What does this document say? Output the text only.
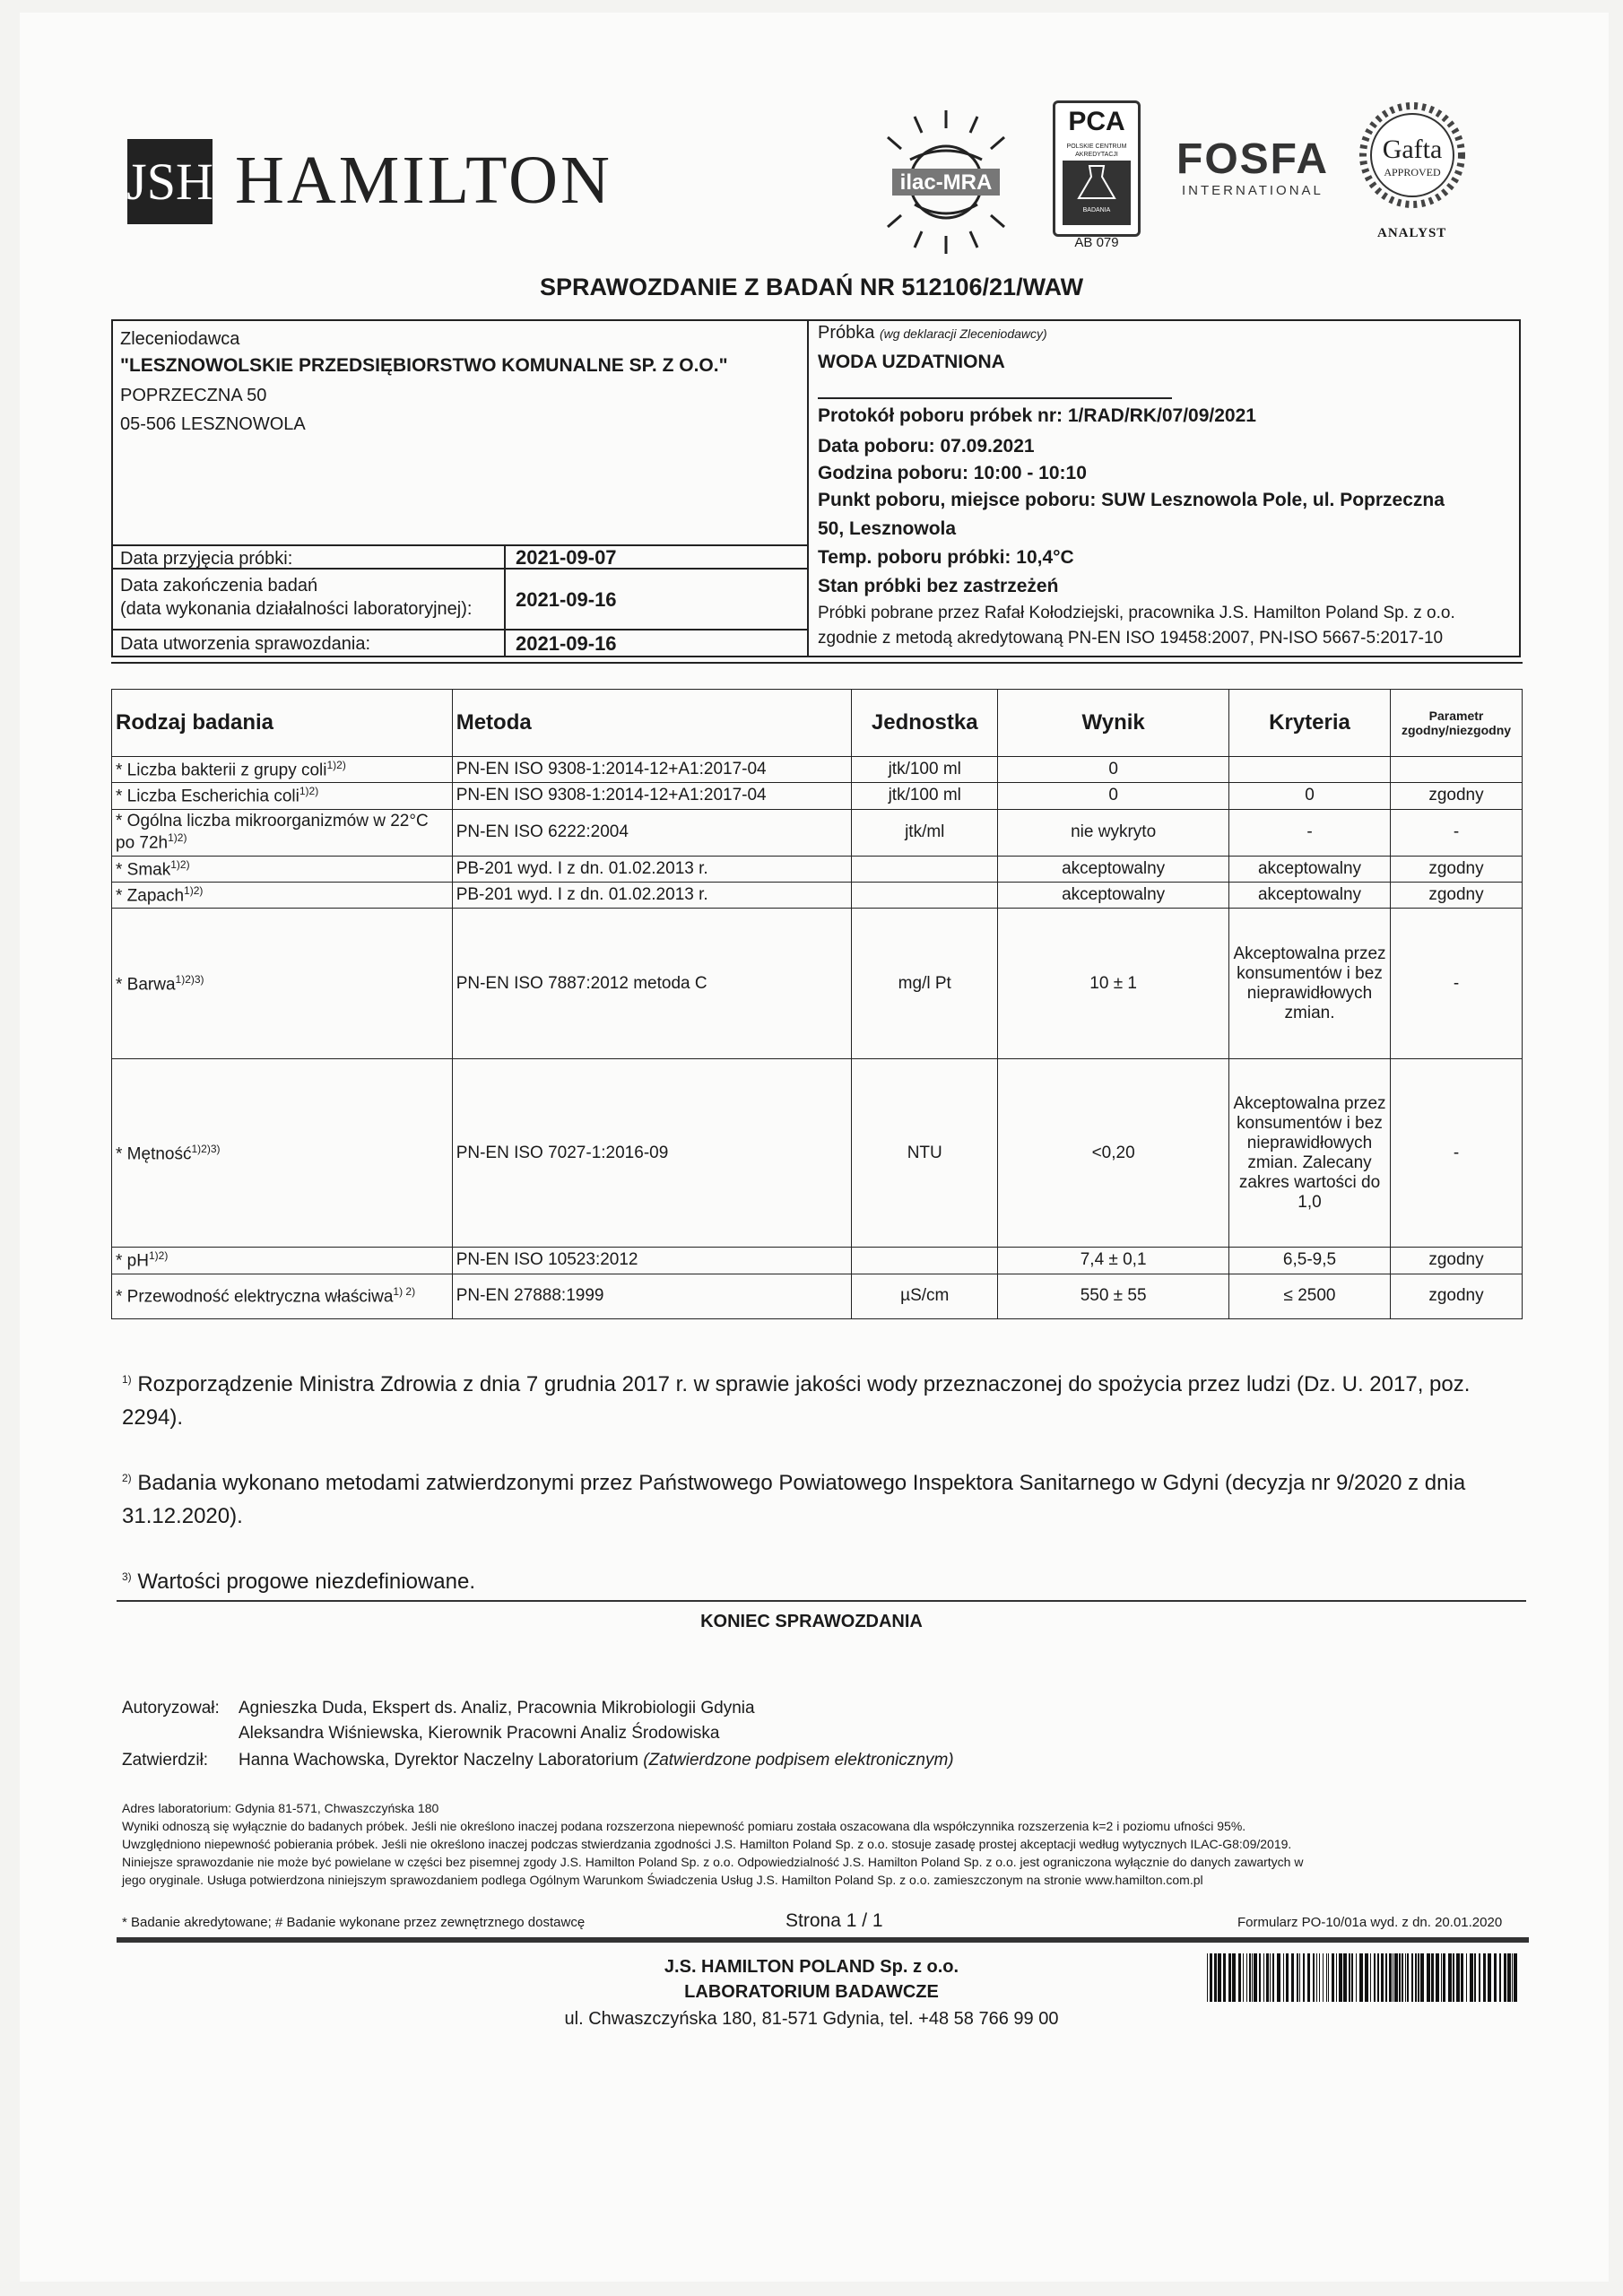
JSH HAMILTON	ilac-MRA
PCA
POLSKIE CENTRUM AKREDYTACJI
BADANIA
AB 079
FOSFA
INTERNATIONAL
Gafta
APPROVED
ANALYST
SPRAWOZDANIE Z BADAŃ NR 512106/21/WAW
Zleceniodawca
"LESZNOWOLSKIE PRZEDSIĘBIORSTWO KOMUNALNE SP. Z O.O."
POPRZECZNA 50
05-506 LESZNOWOLA
Data przyjęcia próbki:	2021-09-07
Data zakończenia badań
(data wykonania działalności laboratoryjnej): 2021-09-16
Data utworzenia sprawozdania:	2021-09-16
Próbka (wg deklaracji Zleceniodawcy)
WODA UZDATNIONA
Protokół poboru próbek nr: 1/RAD/RK/07/09/2021
Data poboru: 07.09.2021
Godzina poboru: 10:00 - 10:10
Punkt poboru, miejsce poboru: SUW Lesznowola Pole, ul. Poprzeczna
50, Lesznowola
Temp. poboru próbki: 10,4°C
Stan próbki bez zastrzeżeń
Próbki pobrane przez Rafał Kołodziejski, pracownika J.S. Hamilton Poland Sp. z o.o.
zgodnie z metodą akredytowaną PN-EN ISO 19458:2007, PN-ISO 5667-5:2017-10
Rodzaj badania	Metoda	Jednostka	Wynik	Kryteria	Parametr
zgodny/niezgodny

* Liczba bakterii z grupy coli$^{1)2)}$	PN-EN ISO 9308-1:2014-12+A1:2017-04	jtk/100 ml	0		
* Liczba Escherichia coli$^{1)2)}$	PN-EN ISO 9308-1:2014-12+A1:2017-04	jtk/100 ml	0	0	zgodny
* Ogólna liczba mikroorganizmów w 22°C po $72h^{1)2)}$	PN-EN ISO 6222:2004	jtk/ml	nie wykryto	-	-
* Smak$^{1)2)}$	PB-201 wyd. I z dn. 01.02.2013 r.		akceptowalny	akceptowalny	zgodny
* Zapach$^{1)2)}$	PB-201 wyd. I z dn. 01.02.2013 r.		akceptowalny	akceptowalny	zgodny
* Barwa$^{1)2)3)}$	PN-EN ISO 7887:2012 metoda C	mg/l Pt	10 ± 1	Akceptowalna przez konsumentów i bez nieprawidłowych zmian.	-
* Mętność$^{1)2)3)}$	PN-EN ISO 7027-1:2016-09	NTU	<0,20	Akceptowalna przez konsumentów i bez nieprawidłowych zmian. Zalecany zakres wartości do 1,0	-
* $pH^{1)2)}$	PN-EN ISO 10523:2012		7,4 ± 0,1	6,5-9,5	zgodny
* Przewodność elektryczna właściwa$^{1) 2)}$	PN-EN 27888:1999	µS/cm	550 ± 55	≤ 2500	zgodny
$^{1)}$ Rozporządzenie Ministra Zdrowia z dnia 7 grudnia 2017 r. w sprawie jakości wody przeznaczonej do spożycia przez ludzi (Dz. U. 2017, poz. 2294).
$^{2)}$ Badania wykonano metodami zatwierdzonymi przez Państwowego Powiatowego Inspektora Sanitarnego w Gdyni (decyzja nr 9/2020 z dnia 31.12.2020).
$^{3)}$ Wartości progowe niezdefiniowane.
KONIEC SPRAWOZDANIA
Autoryzował: Agnieszka Duda, Ekspert ds. Analiz, Pracownia Mikrobiologii Gdynia
Aleksandra Wiśniewska, Kierownik Pracowni Analiz Środowiska
Zatwierdził: Hanna Wachowska, Dyrektor Naczelny Laboratorium (Zatwierdzone podpisem elektronicznym)
Adres laboratorium: Gdynia 81-571, Chwaszczyńska 180
Wyniki odnoszą się wyłącznie do badanych próbek. Jeśli nie określono inaczej podana rozszerzona niepewność pomiaru została oszacowana dla współczynnika rozszerzenia k=2 i poziomu ufności 95%.
Uwzględniono niepewność pobierania próbek. Jeśli nie określono inaczej podczas stwierdzania zgodności J.S. Hamilton Poland Sp. z o.o. stosuje zasadę prostej akceptacji według wytycznych ILAC-G8:09/2019.
Niniejsze sprawozdanie nie może być powielane w części bez pisemnej zgody J.S. Hamilton Poland Sp. z o.o. Odpowiedzialność J.S. Hamilton Poland Sp. z o.o. jest ograniczona wyłącznie do danych zawartych w
jego oryginale. Usługa potwierdzona niniejszym sprawozdaniem podlega Ogólnym Warunkom Świadczenia Usług J.S. Hamilton Poland Sp. z o.o. zamieszczonym na stronie www.hamilton.com.pl
* Badanie akredytowane; # Badanie wykonane przez zewnętrznego dostawcę	Strona 1 / 1	Formularz PO-10/01a wyd. z dn. 20.01.2020
J.S. HAMILTON POLAND Sp. z o.o.
LABORATORIUM BADAWCZE
ul. Chwaszczyńska 180, 81-571 Gdynia, tel. +48 58 766 99 00
